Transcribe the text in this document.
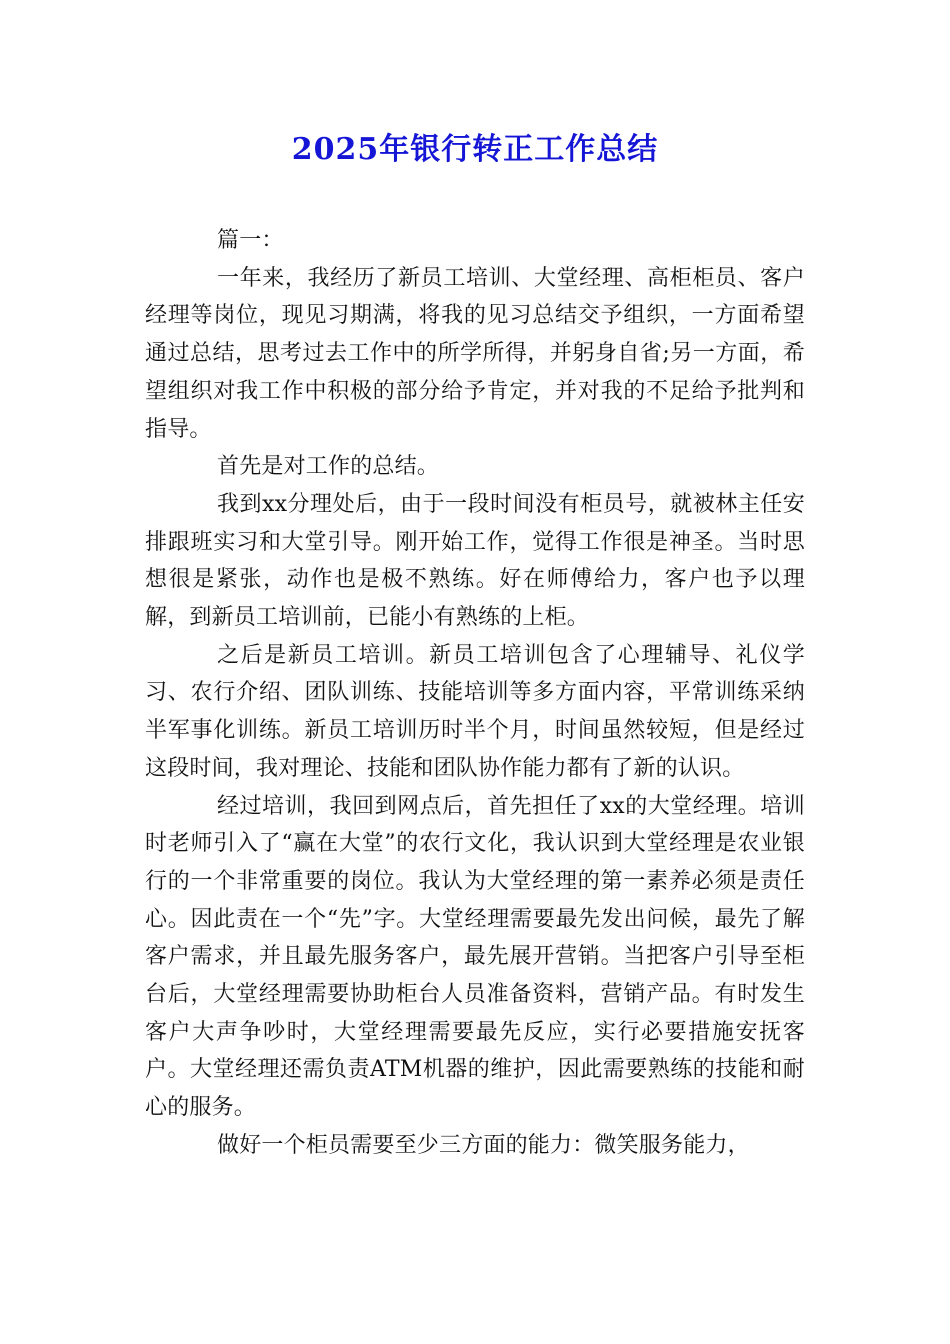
2025年银行转正工作总结

篇一：

一年来，我经历了新员工培训、大堂经理、高柜柜员、客户经理等岗位，现见习期满，将我的见习总结交予组织，一方面希望通过总结，思考过去工作中的所学所得，并躬身自省;另一方面，希望组织对我工作中积极的部分给予肯定，并对我的不足给予批判和指导。

首先是对工作的总结。

我到xx分理处后，由于一段时间没有柜员号，就被林主任安排跟班实习和大堂引导。刚开始工作，觉得工作很是神圣。当时思想很是紧张，动作也是极不熟练。好在师傅给力，客户也予以理解，到新员工培训前，已能小有熟练的上柜。

之后是新员工培训。新员工培训包含了心理辅导、礼仪学习、农行介绍、团队训练、技能培训等多方面内容，平常训练采纳半军事化训练。新员工培训历时半个月，时间虽然较短，但是经过这段时间，我对理论、技能和团队协作能力都有了新的认识。

经过培训，我回到网点后，首先担任了xx的大堂经理。培训时老师引入了“赢在大堂”的农行文化，我认识到大堂经理是农业银行的一个非常重要的岗位。我认为大堂经理的第一素养必须是责任心。因此责在一个“先”字。大堂经理需要最先发出问候，最先了解客户需求，并且最先服务客户，最先展开营销。当把客户引导至柜台后，大堂经理需要协助柜台人员准备资料，营销产品。有时发生客户大声争吵时，大堂经理需要最先反应，实行必要措施安抚客户。大堂经理还需负责ATM机器的维护，因此需要熟练的技能和耐心的服务。

做好一个柜员需要至少三方面的能力：微笑服务能力，
